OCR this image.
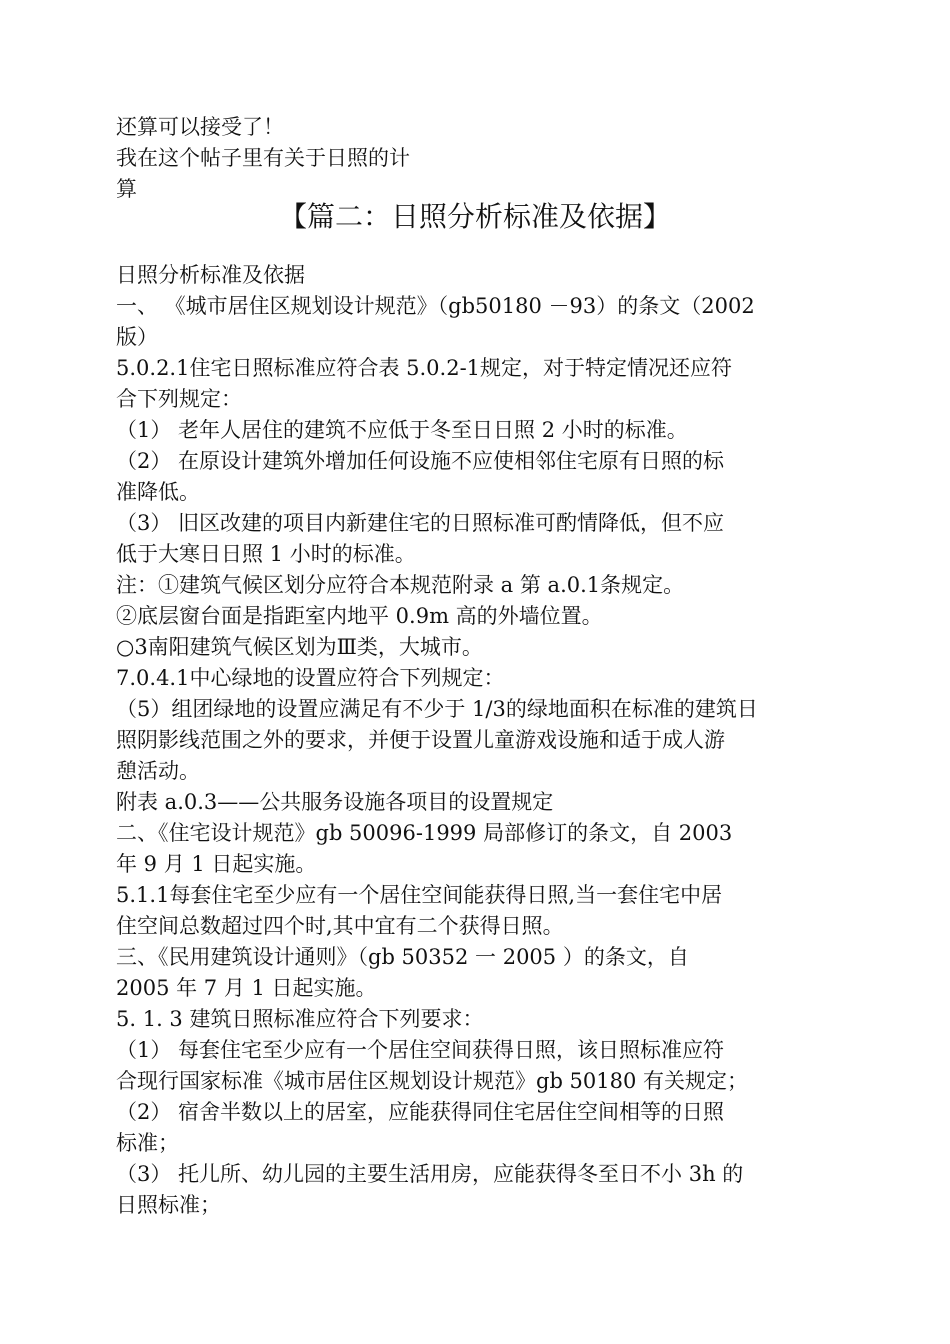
还算可以接受了！
我在这个帖子里有关于日照的计
算
【篇二：日照分析标准及依据】
日照分析标准及依据
一、 《城市居住区规划设计规范》（gb50180 －93）的条文（2002
版）
5.0.2.1住宅日照标准应符合表 5.0.2-1规定，对于特定情况还应符
合下列规定：
（1） 老年人居住的建筑不应低于冬至日日照 2 小时的标准。
（2） 在原设计建筑外增加任何设施不应使相邻住宅原有日照的标
准降低。
（3） 旧区改建的项目内新建住宅的日照标准可酌情降低，但不应
低于大寒日日照 1 小时的标准。
注：①建筑气候区划分应符合本规范附录 a 第 a.0.1条规定。
②底层窗台面是指距室内地平 0.9m 高的外墙位置。
○3南阳建筑气候区划为Ⅲ类，大城市。
7.0.4.1中心绿地的设置应符合下列规定：
（5）组团绿地的设置应满足有不少于 1/3的绿地面积在标准的建筑日
照阴影线范围之外的要求，并便于设置儿童游戏设施和适于成人游
憩活动。
附表 a.0.3——公共服务设施各项目的设置规定
二、《住宅设计规范》gb 50096-1999 局部修订的条文，自 2003
年 9 月 1 日起实施。
5.1.1每套住宅至少应有一个居住空间能获得日照,当一套住宅中居
住空间总数超过四个时,其中宜有二个获得日照。
三、《民用建筑设计通则》（gb 50352 一 2005 ）的条文，自
2005 年 7 月 1 日起实施。
5. 1. 3 建筑日照标准应符合下列要求：
（1） 每套住宅至少应有一个居住空间获得日照，该日照标准应符
合现行国家标准《城市居住区规划设计规范》gb 50180 有关规定；
（2） 宿舍半数以上的居室，应能获得同住宅居住空间相等的日照
标准；
（3） 托儿所、幼儿园的主要生活用房，应能获得冬至日不小 3h 的
日照标准；
